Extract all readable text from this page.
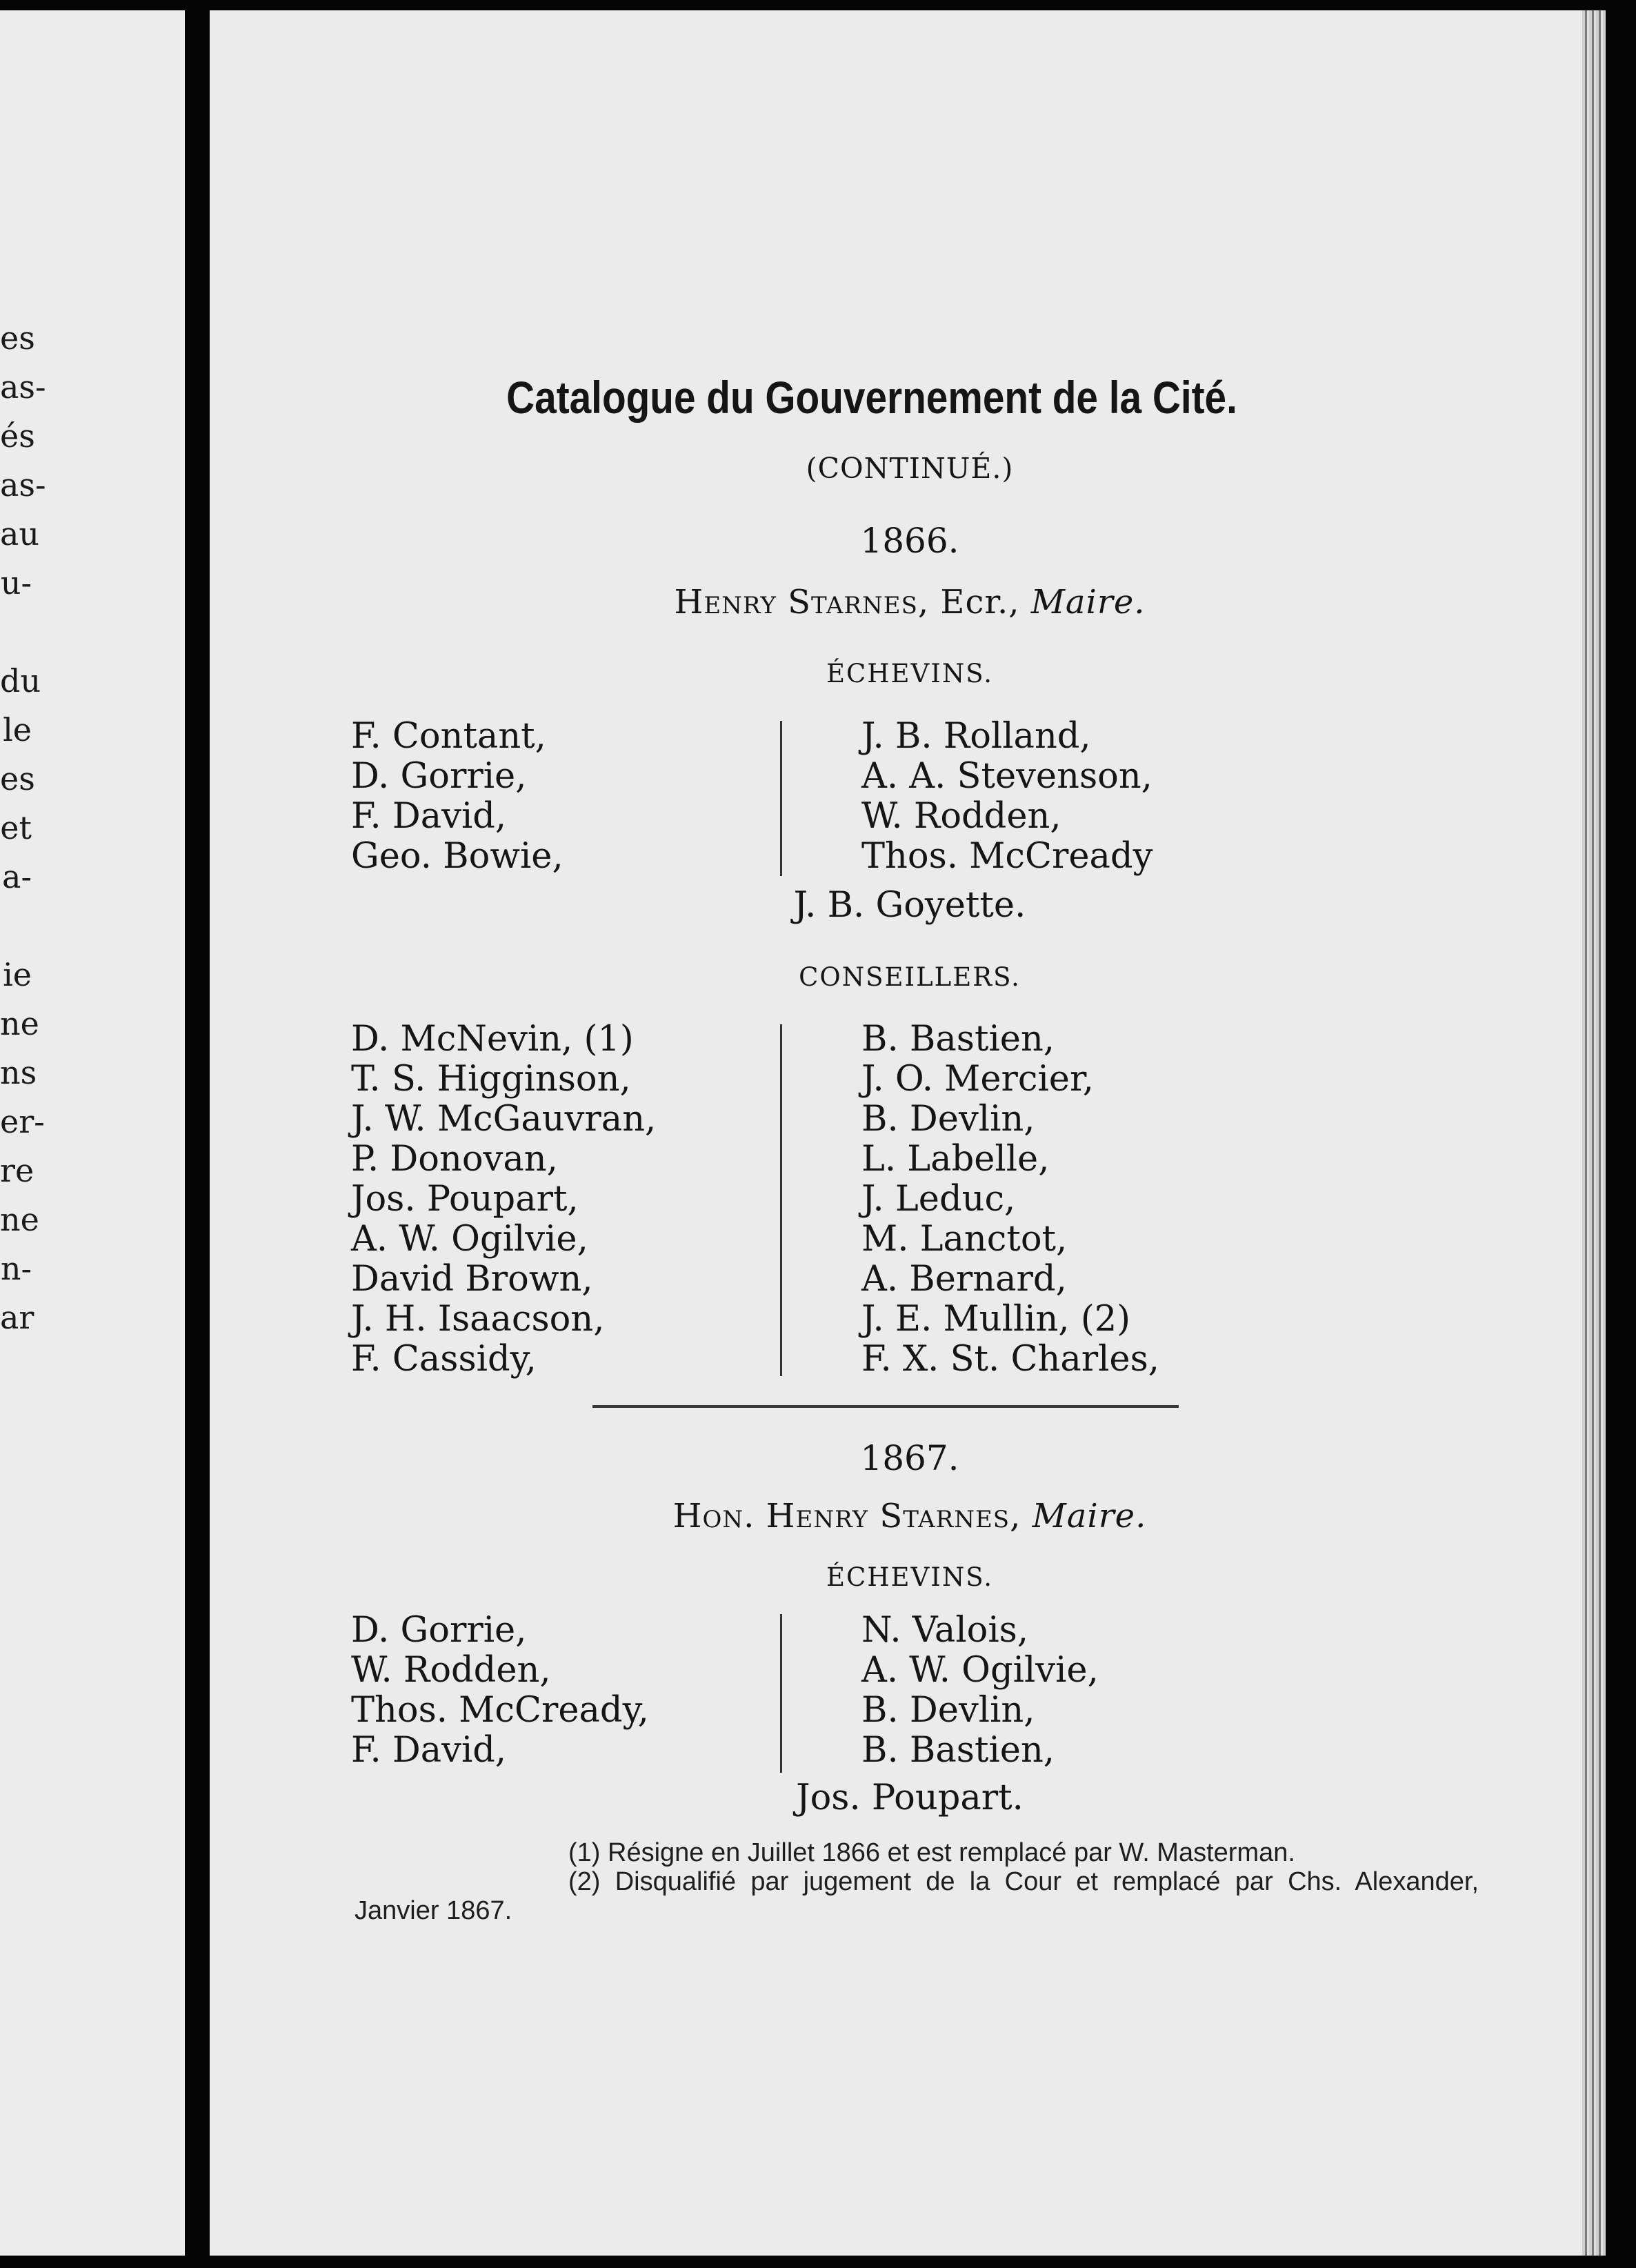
es
as-
és
as-
au
u-
du
le
es
et
a-
ie
ne
ns
er-
re
ne
n-
ar
Catalogue du Gouvernement de la Cité.
(CONTINUÉ.)
1866.
Henry Starnes, Ecr., Maire.
ÉCHEVINS.
F. Contant,
D. Gorrie,
F. David,
Geo. Bowie,
J. B. Rolland,
A. A. Stevenson,
W. Rodden,
Thos. McCready
J. B. Goyette.
CONSEILLERS.
D. McNevin, (1)
T. S. Higginson,
J. W. McGauvran,
P. Donovan,
Jos. Poupart,
A. W. Ogilvie,
David Brown,
J. H. Isaacson,
F. Cassidy,
B. Bastien,
J. O. Mercier,
B. Devlin,
L. Labelle,
J. Leduc,
M. Lanctot,
A. Bernard,
J. E. Mullin, (2)
F. X. St. Charles,
1867.
Hon. Henry Starnes, Maire.
ÉCHEVINS.
D. Gorrie,
W. Rodden,
Thos. McCready,
F. David,
N. Valois,
A. W. Ogilvie,
B. Devlin,
B. Bastien,
Jos. Poupart.
(1) Résigne en Juillet 1866 et est remplacé par W. Masterman.
(2) Disqualifié par jugement de la Cour et remplacé par Chs. Alexander, Janvier 1867.
